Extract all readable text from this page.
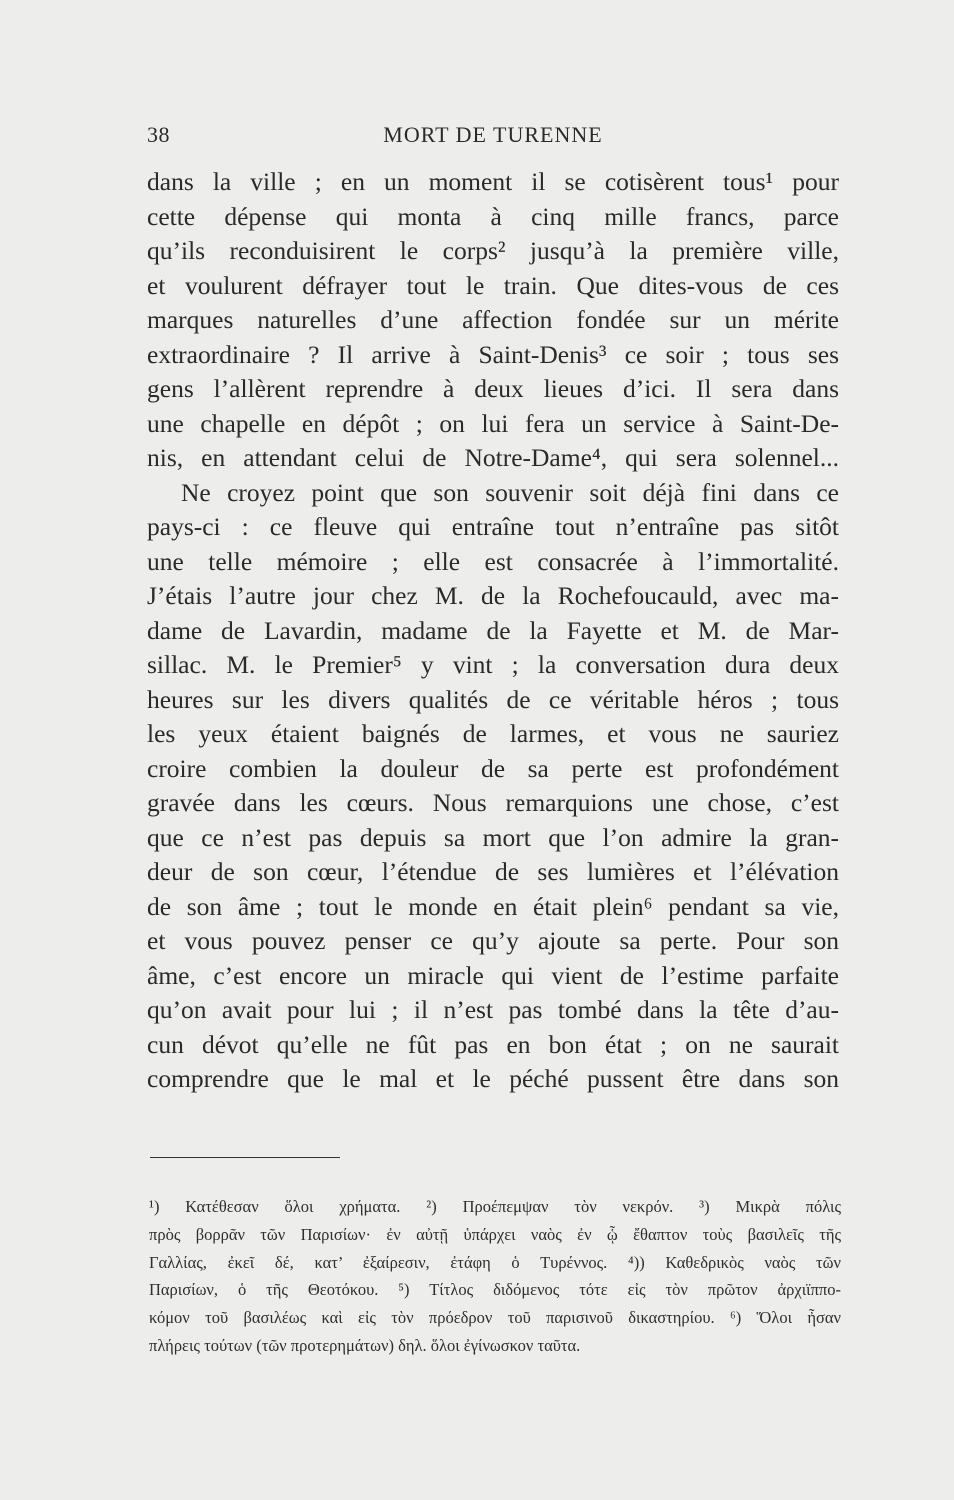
38	MORT DE TURENNE
dans la ville ; en un moment il se cotisèrent tous¹ pour
cette dépense qui monta à cinq mille francs, parce
qu’ils reconduisirent le corps² jusqu’à la première ville,
et voulurent défrayer tout le train. Que dites-vous de ces
marques naturelles d’une affection fondée sur un mérite
extraordinaire ? Il arrive à Saint-Denis³ ce soir ; tous ses
gens l’allèrent reprendre à deux lieues d’ici. Il sera dans
une chapelle en dépôt ; on lui fera un service à Saint-De-
nis, en attendant celui de Notre-Dame⁴, qui sera solennel...
Ne croyez point que son souvenir soit déjà fini dans ce
pays-ci : ce fleuve qui entraîne tout n’entraîne pas sitôt
une telle mémoire ; elle est consacrée à l’immortalité.
J’étais l’autre jour chez M. de la Rochefoucauld, avec ma-
dame de Lavardin, madame de la Fayette et M. de Mar-
sillac. M. le Premier⁵ y vint ; la conversation dura deux
heures sur les divers qualités de ce véritable héros ; tous
les yeux étaient baignés de larmes, et vous ne sauriez
croire combien la douleur de sa perte est profondément
gravée dans les cœurs. Nous remarquions une chose, c’est
que ce n’est pas depuis sa mort que l’on admire la gran-
deur de son cœur, l’étendue de ses lumières et l’élévation
de son âme ; tout le monde en était plein⁶ pendant sa vie,
et vous pouvez penser ce qu’y ajoute sa perte. Pour son
âme, c’est encore un miracle qui vient de l’estime parfaite
qu’on avait pour lui ; il n’est pas tombé dans la tête d’au-
cun dévot qu’elle ne fût pas en bon état ; on ne saurait
comprendre que le mal et le péché pussent être dans son
¹) Κατέθεσαν ὅλοι χρήματα. ²) Προέπεμψαν τὸν νεκρόν. ³) Μικρὰ πόλις
πρὸς βορρᾶν τῶν Παρισίων· ἐν αὐτῇ ὑπάρχει ναὸς ἐν ᾧ ἔθαπτον τοὺς βασιλεῖς τῆς
Γαλλίας, ἐκεῖ δέ, κατ’ ἐξαίρεσιν, ἐτάφη ὁ Τυρέννος. ⁴)) Καθεδρικὸς ναὸς τῶν
Παρισίων, ὁ τῆς Θεοτόκου. ⁵) Τίτλος διδόμενος τότε εἰς τὸν πρῶτον ἀρχιϊππο-
κόμον τοῦ βασιλέως καὶ εἰς τὸν πρόεδρον τοῦ παρισινοῦ δικαστηρίου. ⁶) Ὅλοι ἦσαν
πλήρεις τούτων (τῶν προτερημάτων) δηλ. ὅλοι ἐγίνωσκον ταῦτα.
